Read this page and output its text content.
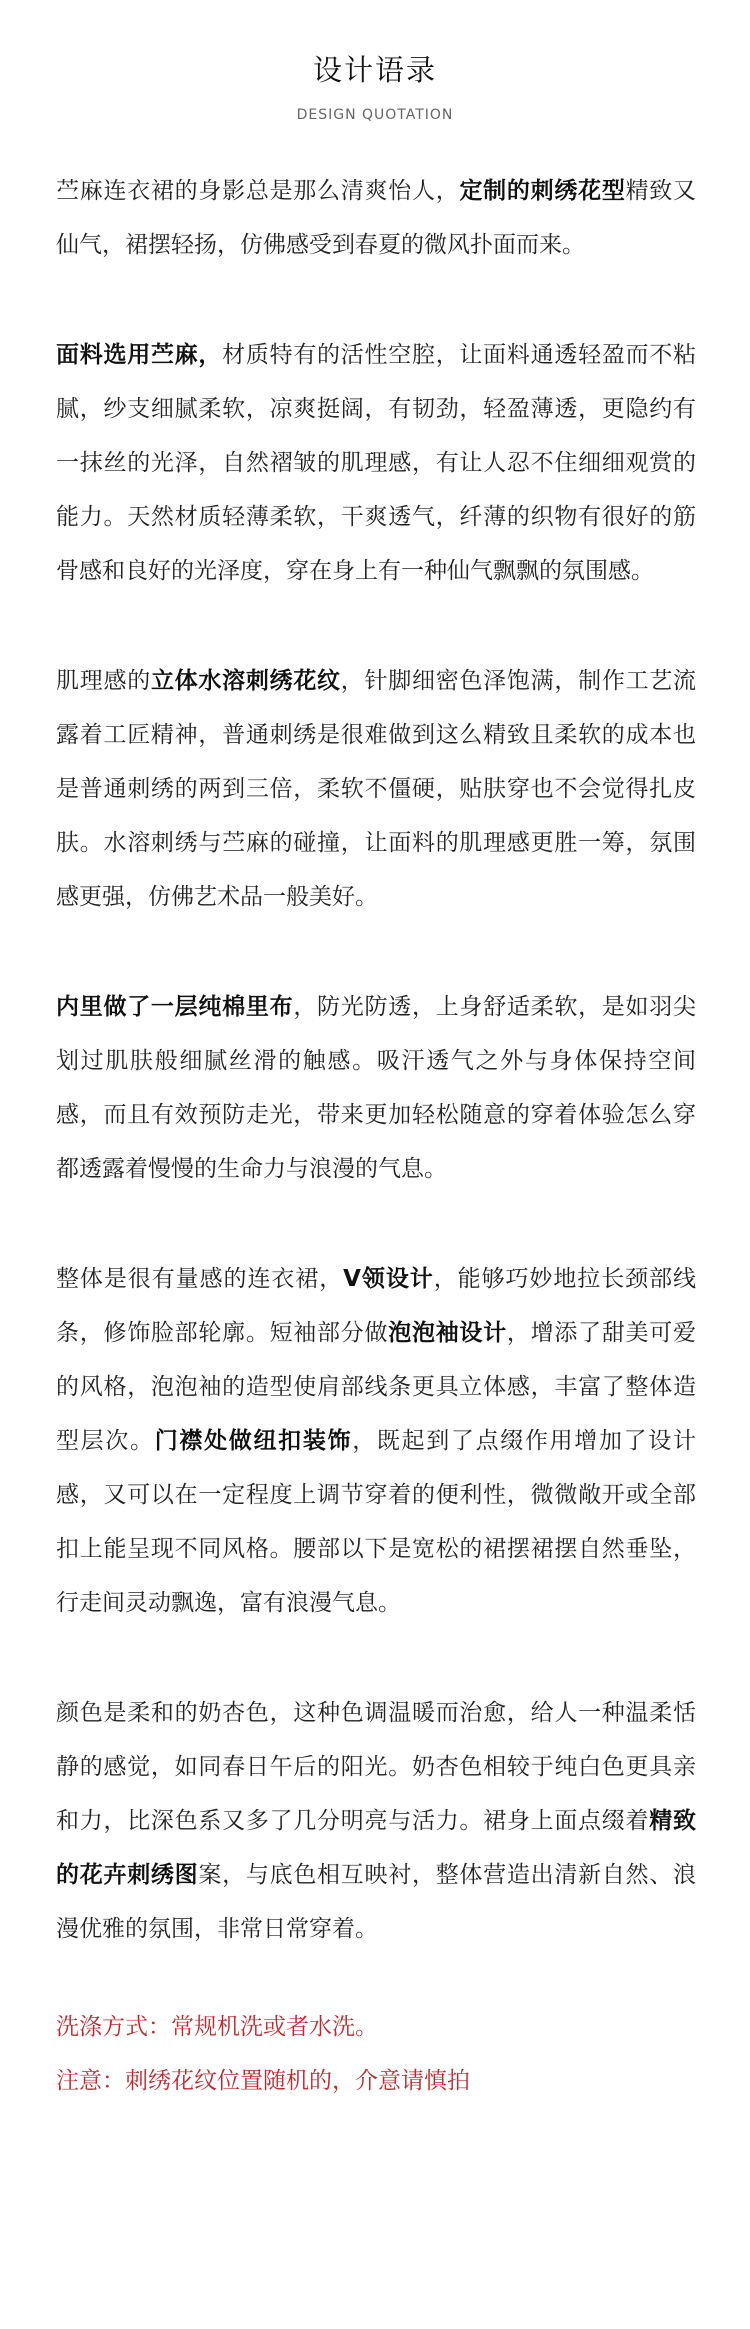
设计语录
DESIGN QUOTATION

苎麻连衣裙的身影总是那么清爽怡人，定制的刺绣花型精致又仙气，裙摆轻扬，仿佛感受到春夏的微风扑面而来。

面料选用苎麻，材质特有的活性空腔，让面料通透轻盈而不粘腻，纱支细腻柔软，凉爽挺阔，有韧劲，轻盈薄透，更隐约有一抹丝的光泽，自然褶皱的肌理感，有让人忍不住细细观赏的能力。天然材质轻薄柔软，干爽透气，纤薄的织物有很好的筋骨感和良好的光泽度，穿在身上有一种仙气飘飘的氛围感。

肌理感的立体水溶刺绣花纹，针脚细密色泽饱满，制作工艺流露着工匠精神，普通刺绣是很难做到这么精致且柔软的成本也是普通刺绣的两到三倍，柔软不僵硬，贴肤穿也不会觉得扎皮肤。水溶刺绣与苎麻的碰撞，让面料的肌理感更胜一筹，氛围感更强，仿佛艺术品一般美好。

内里做了一层纯棉里布，防光防透，上身舒适柔软，是如羽尖划过肌肤般细腻丝滑的触感。吸汗透气之外与身体保持空间感，而且有效预防走光，带来更加轻松随意的穿着体验怎么穿都透露着慢慢的生命力与浪漫的气息。

整体是很有量感的连衣裙，V领设计，能够巧妙地拉长颈部线条，修饰脸部轮廓。短袖部分做泡泡袖设计，增添了甜美可爱的风格，泡泡袖的造型使肩部线条更具立体感，丰富了整体造型层次。门襟处做纽扣装饰，既起到了点缀作用增加了设计感，又可以在一定程度上调节穿着的便利性，微微敞开或全部扣上能呈现不同风格。腰部以下是宽松的裙摆裙摆自然垂坠，行走间灵动飘逸，富有浪漫气息。

颜色是柔和的奶杏色，这种色调温暖而治愈，给人一种温柔恬静的感觉，如同春日午后的阳光。奶杏色相较于纯白色更具亲和力，比深色系又多了几分明亮与活力。裙身上面点缀着精致的花卉刺绣图案，与底色相互映衬，整体营造出清新自然、浪漫优雅的氛围，非常日常穿着。

洗涤方式：常规机洗或者水洗。

注意：刺绣花纹位置随机的，介意请慎拍
